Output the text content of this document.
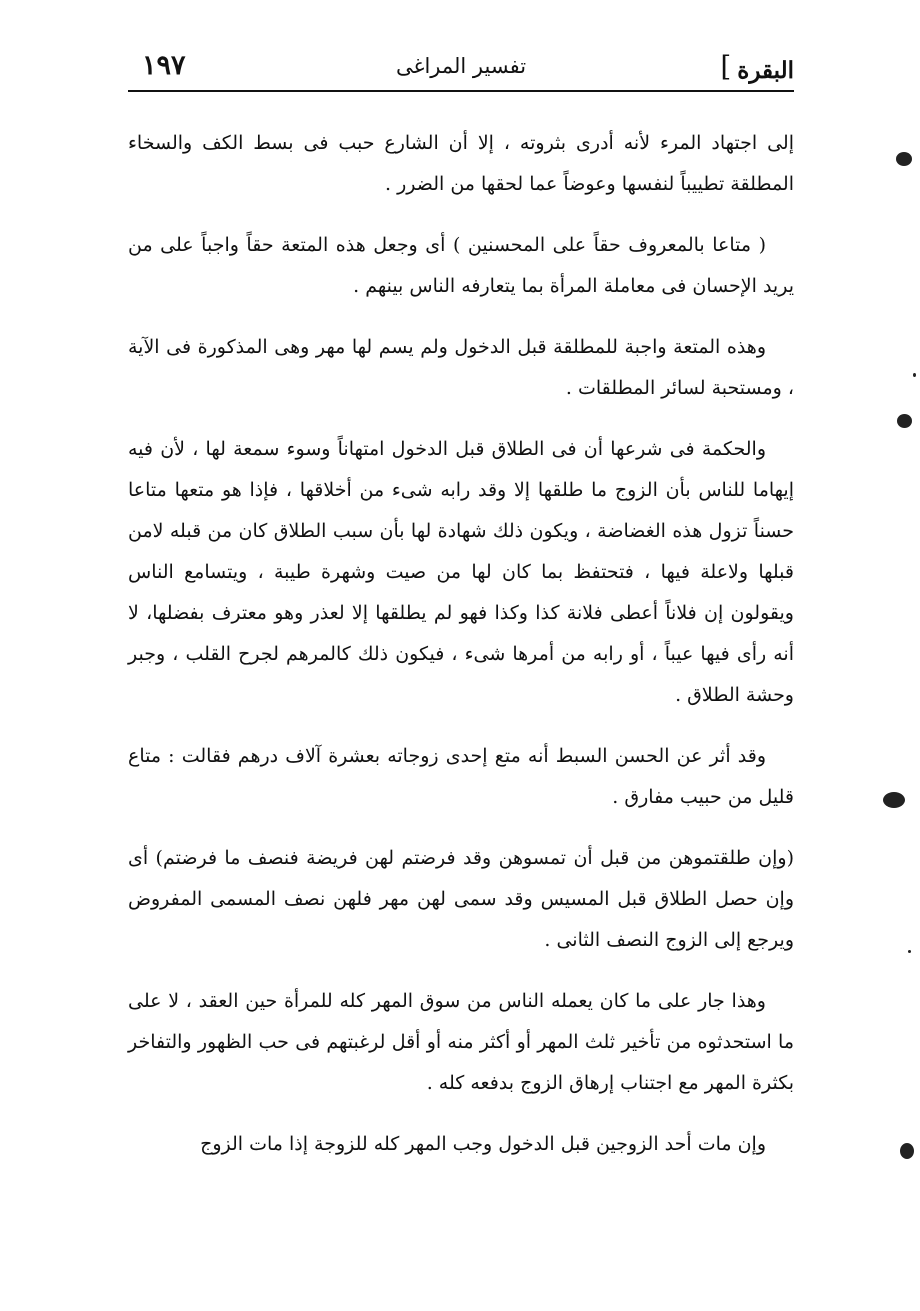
البقرة]
تفسير المراغى
١٩٧

إلى اجتهاد المرء لأنه أدرى بثروته ، إلا أن الشارع حبب فى بسط الكف والسخاء المطلقة تطييباً لنفسها وعوضاً عما لحقها من الضرر .

( متاعا بالمعروف حقاً على المحسنين ) أى وجعل هذه المتعة حقاً واجباً على من يريد الإحسان فى معاملة المرأة بما يتعارفه الناس بينهم .

وهذه المتعة واجبة للمطلقة قبل الدخول ولم يسم لها مهر وهى المذكورة فى الآية ، ومستحبة لسائر المطلقات .

والحكمة فى شرعها أن فى الطلاق قبل الدخول امتهاناً وسوء سمعة لها ، لأن فيه إيهاما للناس بأن الزوج ما طلقها إلا وقد رابه شىء من أخلاقها ، فإذا هو متعها متاعا حسناً تزول هذه الغضاضة ، ويكون ذلك شهادة لها بأن سبب الطلاق كان من قبله لامن قبلها ولاعلة فيها ، فتحتفظ بما كان لها من صيت وشهرة طيبة ، ويتسامع الناس ويقولون إن فلاناً أعطى فلانة كذا وكذا فهو لم يطلقها إلا لعذر وهو معترف بفضلها، لا أنه رأى فيها عيباً ، أو رابه من أمرها شىء ، فيكون ذلك كالمرهم لجرح القلب ، وجبر وحشة الطلاق .

وقد أثر عن الحسن السبط أنه متع إحدى زوجاته بعشرة آلاف درهم فقالت : متاع قليل من حبيب مفارق .

(وإن طلقتموهن من قبل أن تمسوهن وقد فرضتم لهن فريضة فنصف ما فرضتم) أى وإن حصل الطلاق قبل المسيس وقد سمى لهن مهر فلهن نصف المسمى المفروض ويرجع إلى الزوج النصف الثانى .

وهذا جار على ما كان يعمله الناس من سوق المهر كله للمرأة حين العقد ، لا على ما استحدثوه من تأخير ثلث المهر أو أكثر منه أو أقل لرغبتهم فى حب الظهور والتفاخر بكثرة المهر مع اجتناب إرهاق الزوج بدفعه كله .

وإن مات أحد الزوجين قبل الدخول وجب المهر كله للزوجة إذا مات الزوج
